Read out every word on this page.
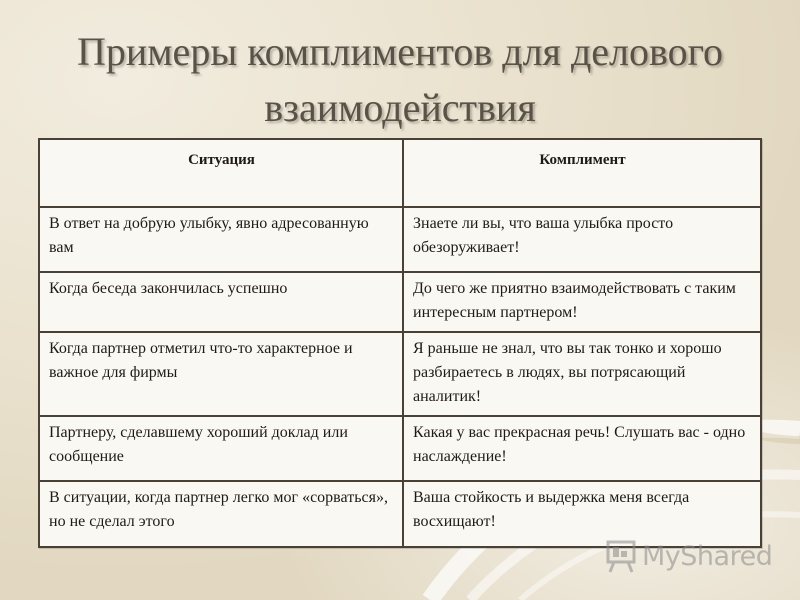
Примеры комплиментов для делового
взаимодействия
Ситуация	Комплимент
В ответ на добрую улыбку, явно адресованную вам	Знаете ли вы, что ваша улыбка просто обезоруживает!
Когда беседа закончилась успешно	До чего же приятно взаимодействовать с таким интересным партнером!
Когда партнер отметил что-то характерное и важное для фирмы	Я раньше не знал, что вы так тонко и хорошо разбираетесь в людях, вы потрясающий аналитик!
Партнеру, сделавшему хороший доклад или сообщение	Какая у вас прекрасная речь! Слушать вас - одно наслаждение!
В ситуации, когда партнер легко мог «сорваться», но не сделал этого	Ваша стойкость и выдержка меня всегда восхищают!
MyShared
